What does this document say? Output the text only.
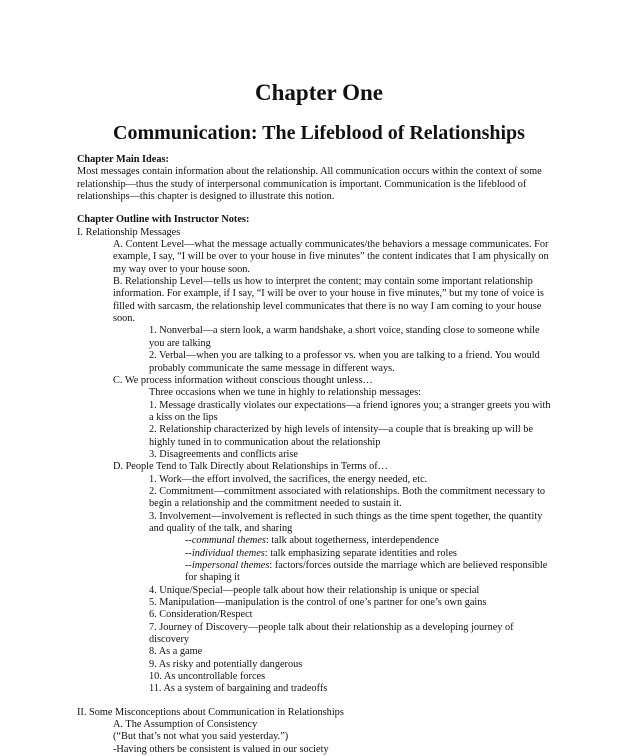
Chapter One
Communication: The Lifeblood of Relationships
Chapter Main Ideas:
Most messages contain information about the relationship. All communication occurs within the context of some
relationship—thus the study of interpersonal communication is important. Communication is the lifeblood of
relationships—this chapter is designed to illustrate this notion.
Chapter Outline with Instructor Notes:
I. Relationship Messages
A. Content Level—what the message actually communicates/the behaviors a message communicates. For
example, I say, “I will be over to your house in five minutes” the content indicates that I am physically on
my way over to your house soon.
B. Relationship Level—tells us how to interpret the content; may contain some important relationship
information. For example, if I say, “I will be over to your house in five minutes,” but my tone of voice is
filled with sarcasm, the relationship level communicates that there is no way I am coming to your house
soon.
1. Nonverbal—a stern look, a warm handshake, a short voice, standing close to someone while
you are talking
2. Verbal—when you are talking to a professor vs. when you are talking to a friend. You would
probably communicate the same message in different ways.
C. We process information without conscious thought unless…
Three occasions when we tune in highly to relationship messages:
1. Message drastically violates our expectations—a friend ignores you; a stranger greets you with
a kiss on the lips
2. Relationship characterized by high levels of intensity—a couple that is breaking up will be
highly tuned in to communication about the relationship
3. Disagreements and conflicts arise
D. People Tend to Talk Directly about Relationships in Terms of…
1. Work—the effort involved, the sacrifices, the energy needed, etc.
2. Commitment—commitment associated with relationships. Both the commitment necessary to
begin a relationship and the commitment needed to sustain it.
3. Involvement—involvement is reflected in such things as the time spent together, the quantity
and quality of the talk, and sharing
--communal themes: talk about togetherness, interdependence
--individual themes: talk emphasizing separate identities and roles
--impersonal themes: factors/forces outside the marriage which are believed responsible
for shaping it
4. Unique/Special—people talk about how their relationship is unique or special
5. Manipulation—manipulation is the control of one’s partner for one’s own gains
6. Consideration/Respect
7. Journey of Discovery—people talk about their relationship as a developing journey of
discovery
8. As a game
9. As risky and potentially dangerous
10. As uncontrollable forces
11. As a system of bargaining and tradeoffs
II. Some Misconceptions about Communication in Relationships
A. The Assumption of Consistency
(“But that’s not what you said yesterday.”)
-Having others be consistent is valued in our society
